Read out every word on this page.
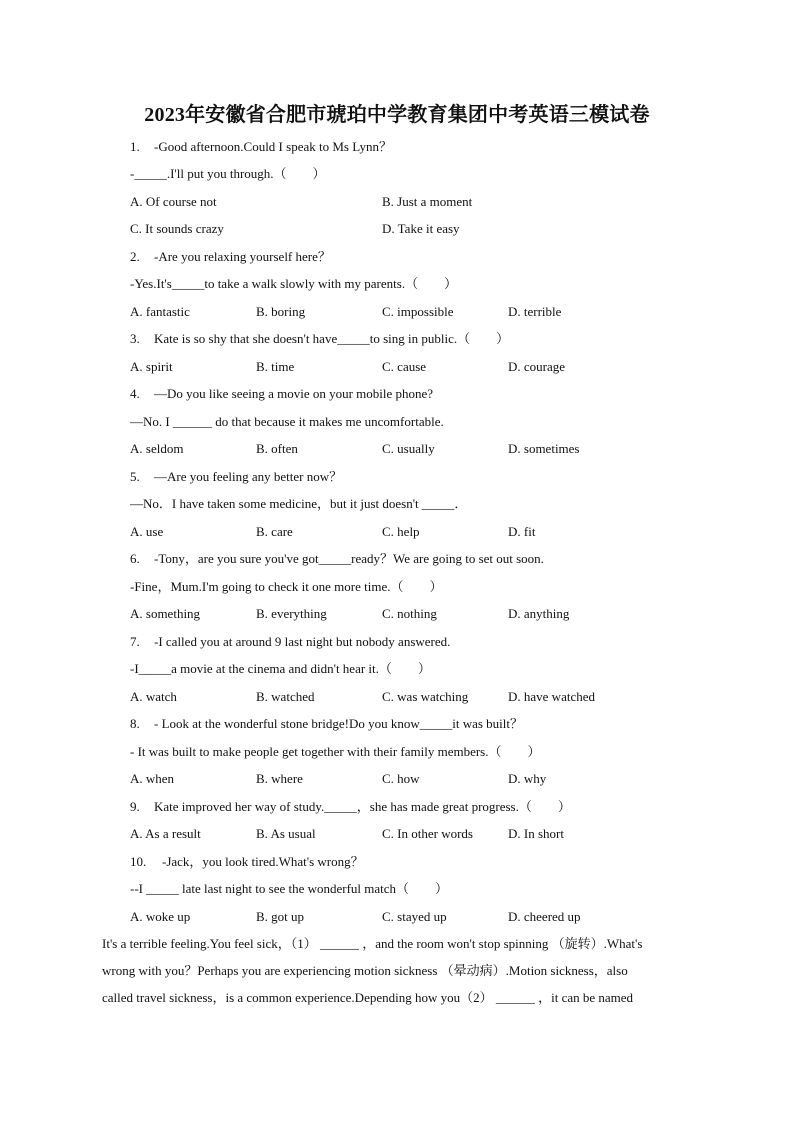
2023年安徽省合肥市琥珀中学教育集团中考英语三模试卷
1. -Good afternoon.Could I speak to Ms Lynn？
-_____.I'll put you through.（　　）
A. Of course not	B. Just a moment
C. It sounds crazy	D. Take it easy
2. -Are you relaxing yourself here？
-Yes.It's_____to take a walk slowly with my parents.（　　）
A. fantastic	B. boring	C. impossible	D. terrible
3. Kate is so shy that she doesn't have_____to sing in public.（　　）
A. spirit	B. time	C. cause	D. courage
4. —Do you like seeing a movie on your mobile phone?
—No. I ______ do that because it makes me uncomfortable.
A. seldom	B. often	C. usually	D. sometimes
5. —Are you feeling any better now？
—No．I have taken some medicine，but it just doesn't _____．
A. use	B. care	C. help	D. fit
6. -Tony，are you sure you've got_____ready？We are going to set out soon.
-Fine，Mum.I'm going to check it one more time.（　　）
A. something	B. everything	C. nothing	D. anything
7. -I called you at around 9 last night but nobody answered.
-I_____a movie at the cinema and didn't hear it.（　　）
A. watch	B. watched	C. was watching	D. have watched
8. - Look at the wonderful stone bridge!Do you know_____it was built？
- It was built to make people get together with their family members.（　　）
A. when	B. where	C. how	D. why
9. Kate improved her way of study._____，she has made great progress.（　　）
A. As a result	B. As usual	C. In other words	D. In short
10. -Jack，you look tired.What's wrong？
--I _____ late last night to see the wonderful match（　　）
A. woke up	B. got up	C. stayed up	D. cheered up
It's a terrible feeling.You feel sick，（1） ______ ，and the room won't stop spinning （旋转）.What's
wrong with you？Perhaps you are experiencing motion sickness （晕动病）.Motion sickness，also
called travel sickness，is a common experience.Depending how you（2） ______ ，it can be named
